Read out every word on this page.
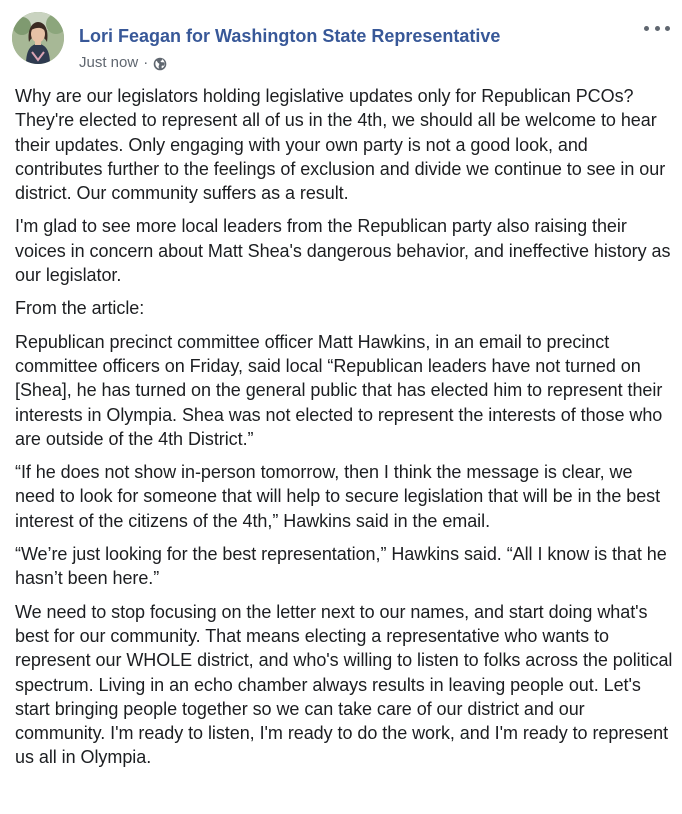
Lori Feagan for Washington State Representative
Just now ·

Why are our legislators holding legislative updates only for Republican PCOs? They're elected to represent all of us in the 4th, we should all be welcome to hear their updates. Only engaging with your own party is not a good look, and contributes further to the feelings of exclusion and divide we continue to see in our district. Our community suffers as a result.

I'm glad to see more local leaders from the Republican party also raising their voices in concern about Matt Shea's dangerous behavior, and ineffective history as our legislator.

From the article:

Republican precinct committee officer Matt Hawkins, in an email to precinct committee officers on Friday, said local “Republican leaders have not turned on [Shea], he has turned on the general public that has elected him to represent their interests in Olympia. Shea was not elected to represent the interests of those who are outside of the 4th District.”

“If he does not show in-person tomorrow, then I think the message is clear, we need to look for someone that will help to secure legislation that will be in the best interest of the citizens of the 4th,” Hawkins said in the email.

“We’re just looking for the best representation,” Hawkins said. “All I know is that he hasn’t been here.”

We need to stop focusing on the letter next to our names, and start doing what's best for our community. That means electing a representative who wants to represent our WHOLE district, and who's willing to listen to folks across the political spectrum. Living in an echo chamber always results in leaving people out. Let's start bringing people together so we can take care of our district and our community. I'm ready to listen, I'm ready to do the work, and I'm ready to represent us all in Olympia.
